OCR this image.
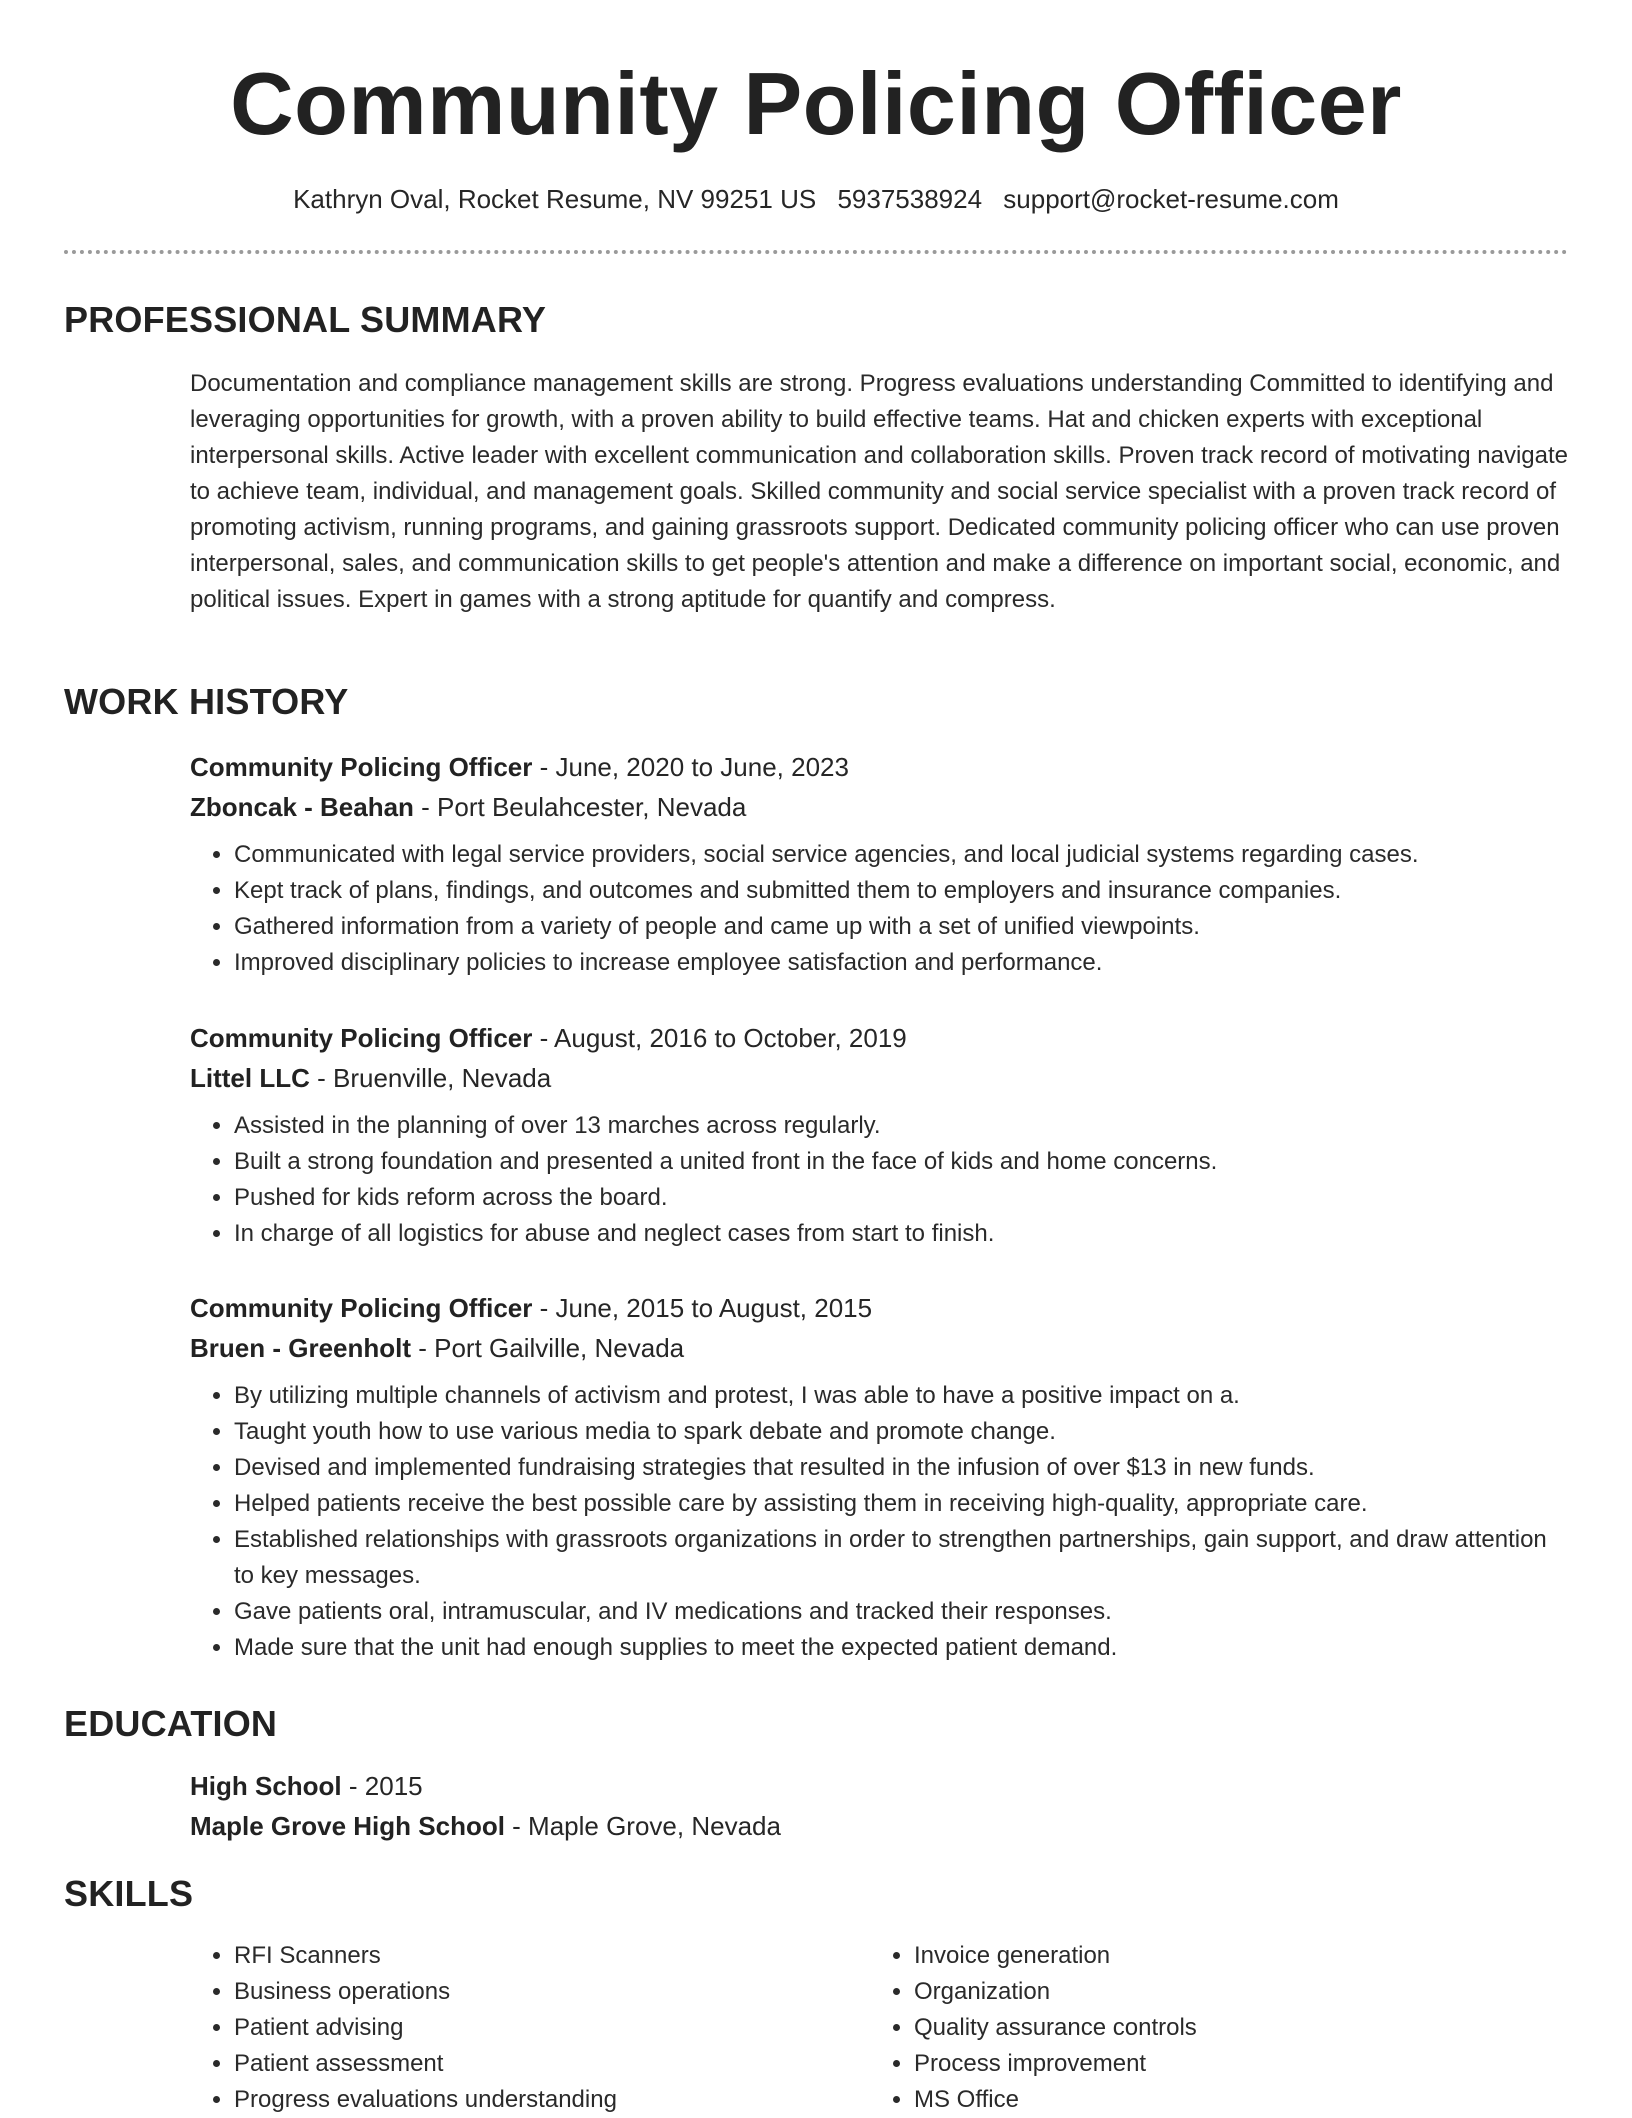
Community Policing Officer
Kathryn Oval, Rocket Resume, NV 99251 US 5937538924 support@rocket-resume.com
PROFESSIONAL SUMMARY

Documentation and compliance management skills are strong. Progress evaluations understanding Committed to identifying and leveraging opportunities for growth, with a proven ability to build effective teams. Hat and chicken experts with exceptional interpersonal skills. Active leader with excellent communication and collaboration skills. Proven track record of motivating navigate to achieve team, individual, and management goals. Skilled community and social service specialist with a proven track record of promoting activism, running programs, and gaining grassroots support. Dedicated community policing officer who can use proven interpersonal, sales, and communication skills to get people's attention and make a difference on important social, economic, and political issues. Expert in games with a strong aptitude for quantify and compress.

WORK HISTORY

Community Policing Officer - June, 2020 to June, 2023

Zboncak - Beahan - Port Beulahcester, Nevada

• Communicated with legal service providers, social service agencies, and local judicial systems regarding cases.
• Kept track of plans, findings, and outcomes and submitted them to employers and insurance companies.
• Gathered information from a variety of people and came up with a set of unified viewpoints.
• Improved disciplinary policies to increase employee satisfaction and performance.

Community Policing Officer - August, 2016 to October, 2019

Littel LLC - Bruenville, Nevada

• Assisted in the planning of over 13 marches across regularly.
• Built a strong foundation and presented a united front in the face of kids and home concerns.
• Pushed for kids reform across the board.
• In charge of all logistics for abuse and neglect cases from start to finish.

Community Policing Officer - June, 2015 to August, 2015

Bruen - Greenholt - Port Gailville, Nevada

• By utilizing multiple channels of activism and protest, I was able to have a positive impact on a.
• Taught youth how to use various media to spark debate and promote change.
• Devised and implemented fundraising strategies that resulted in the infusion of over $13 in new funds.
• Helped patients receive the best possible care by assisting them in receiving high-quality, appropriate care.
• Established relationships with grassroots organizations in order to strengthen partnerships, gain support, and draw attention to key messages.
• Gave patients oral, intramuscular, and IV medications and tracked their responses.
• Made sure that the unit had enough supplies to meet the expected patient demand.
EDUCATION

High School - 2015

Maple Grove High School - Maple Grove, Nevada

SKILLS
• RFI Scanners
• Business operations
• Patient advising
• Patient assessment
• Progress evaluations understanding
• Invoice generation
• Organization
• Quality assurance controls
• Process improvement
• MS Office
